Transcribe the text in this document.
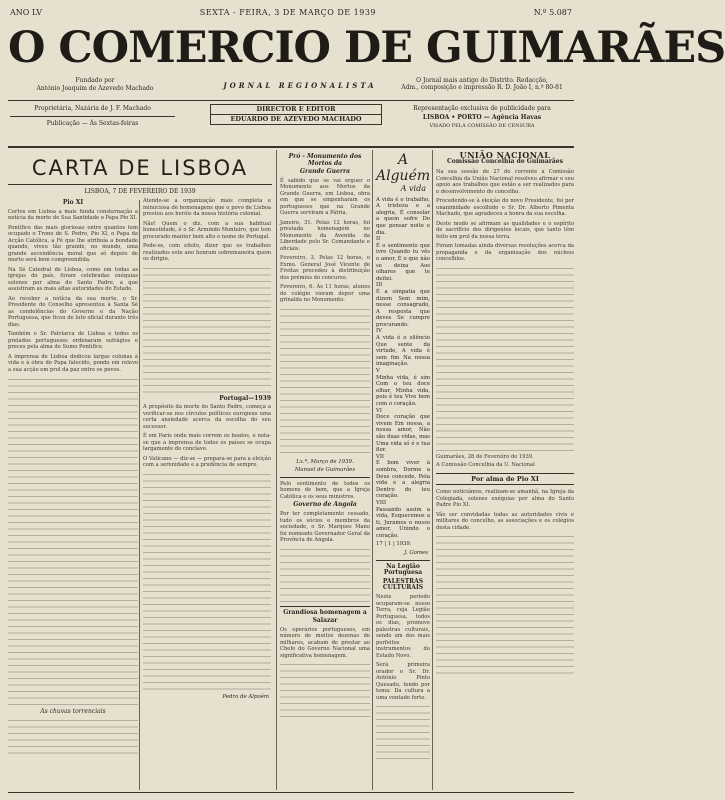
ANO LV	SEXTA - FEIRA, 3 DE MARÇO DE 1939	N.º 5.087
O COMERCIO DE GUIMARÃES
Fundado por
António Joaquim de Azevedo Machado	JORNAL REGIONALISTA
O Jornal mais antigo do Distrito. Redacção,
Adm., composição e impressão R. D. João I, n.º 80-81
Proprietária, Nazária de J. F. Machado
Publicação — Às Sextas-feiras
DIRECTOR E EDITOR
EDUARDO DE AZEVEDO MACHADO
Representação exclusiva de publicidade para
LISBOA • PORTO — Agência Havas
VISADO PELA COMISSÃO DE CENSURA
CARTA DE LISBOA
LISBOA, 7 DE FEVEREIRO DE 1939
Pio XI
Certos em Lisboa a mais funda consternação a notícia da morte de Sua Santidade o Papa Pio XI.
Pontífice das mais gloriosas entre quantos tem ocupado o Trono de S. Pedro, Pio XI, o Papa da Acção Católica, a Fé que lhe atribuía a bondade quando, viveu tão grande, no mundo, uma grande ascendência moral que só depois de morto será bem compreendida.
Na Sé Catedral de Lisboa, como em todas as igrejas do país, foram celebradas exéquias solenes por alma do Santo Padre, a que assistiram as mais altas autoridades do Estado.
Ao receber a notícia da sua morte, o Sr. Presidente do Conselho apresentou à Santa Sé as condolências do Governo e da Nação Portuguesa, que ficou de luto oficial durante três dias.
Também o Sr. Patriarca de Lisboa e todos os prelados portugueses ordenaram sufrágios e preces pela alma do Sumo Pontífice.
A imprensa de Lisboa dedicou largas colunas à vida e à obra do Papa falecido, pondo em relevo a sua acção em prol da paz entre os povos.
As chuvas torrenciais
Atendo-se a organização mais completa e minuciosa de homenagens que o povo de Lisboa prestou aos heróis da nossa história colonial.
Não! Quem o diz, com a sua habitual honestidade, é o Sr. Armindo Monteiro, que tem procurado manter bem alto o nome de Portugal.
Pode-se, com efeito, dizer que os trabalhos realizados este ano honram sobremaneira quem os dirigiu.
Portugal—1939
A propósito da morte do Santo Padre, começa a verificar-se nos círculos políticos europeus uma certa ansiedade acerca da escolha do seu sucessor.
É em Paris onde mais correm os boatos, e nota-se que a imprensa de todos os países se ocupa largamente do conclave.
O Vaticano — diz-se — prepara-se para a eleição com a serenidade e a prudência de sempre.
Pedro de Alpoém
Pró - Monumento dos Mortos da
Grande Guerra
É sabido que se vai erguer o Monumento aos Mortos da Grande Guerra, em Lisboa, obra em que se empenharam os portugueses que na Grande Guerra serviram a Pátria.
Janeiro, 31. Pelas 12 horas, foi prestada homenagem no Monumento da Avenida da Liberdade pelo Sr. Comandante e oficiais.
Fevereiro, 3. Pelas 12 horas, o Exmo. General José Vicente de Freitas procedeu à distribuição dos prémios do concurso.
Fevereiro, 6. Às 11 horas, alunos do colégio vieram depor uma grinalda no Monumento.
Lx.ª, Março de 1939.
Manuel de Guimarães
Pelo sentimento de todos os homens de bem, que a Igreja Católica e os seus ministros.
Governo de Angola
Por ter completamente cessado, tudo os sócios e membros da sociedade, o Sr. Marques Mano foi nomeado Governador Geral da Província de Angola.
Grandiosa homenagem a
Salazar
Os operários portugueses, em número de muitos dezenas de milhares, acabam de prestar ao Chefe do Governo Nacional uma significativa homenagem.
A Alguém
A vida
A vida é o trabalho, A tristeza e a alegria, É consolar a quem sofre Do que pensar noite e dia.
II
É o sentimento que ivre Quando tu vês o amor, É o que não se deixa Aos olhares que te deitei.
III
É a simpatia que dizem Sem mim, nesse consagrado, A resposta que deves Se cumpre procurando.
IV
A vida é o silêncio Que sente da virtude, A vida é sem fim Na nossa imaginação.
V
Minha vida, é sim Com o teu doce olhar, Minha vida, pois é teu Vive bem com o coração.
VI
Doce coração que vivem Em nossa, a nossa amor, Não são duas vidas, mas Uma vida só é e tua flor.
VII
É bom viver à sombra, Dorme a Deus concede, Pela vida e a alegria Dentro do teu coração.
VIII
Passando assim a vida, Esquecemos a ti, Juramos o nosso amor, Unindo o coração.
17 | 1 | 1939.
J. Gomes
Na Legião Portuguesa
PALESTRAS
CULTURAIS
Neste período ocuparam-se nosso Terra, cuja Legião Portuguesa, todos os dias, promove palestras culturais, sendo um dos mais perfeitos instrumentos do Estado Novo.
Será primeira orador o Sr. Dr. António Pinto Quesado, tendo por tema: Da cultura a uma vontade forte.
UNIÃO NACIONAL
Comissão Concelhia de Guimarães
Na sua sessão de 27 do corrente a Comissão Concelhia da União Nacional resolveu afirmar o seu apoio aos trabalhos que estão a ser realizados para o desenvolvimento do concelho.
Procedendo-se à eleição do novo Presidente, foi por unanimidade escolhido o Sr. Dr. Alberto Pimenta Machado, que agradeceu a honra da sua escolha.
Deste modo se afirmam as qualidades e o espírito de sacrifício dos dirigentes locais, que tanto têm feito em prol da nossa terra.
Foram tomadas ainda diversas resoluções acerca da propaganda e da organização dos núcleos concelhios.
Guimarães, 28 de Fevereiro de 1939.
A Comissão Concelhia da U. Nacional
Por alma de Pio XI
Como noticiámos, realizam-se amanhã, na Igreja da Colegiada, solenes exéquias por alma do Santo Padre Pio XI.
Vão ser convidadas todas as autoridades civis e militares do concelho, as associações e os colégios desta cidade.
